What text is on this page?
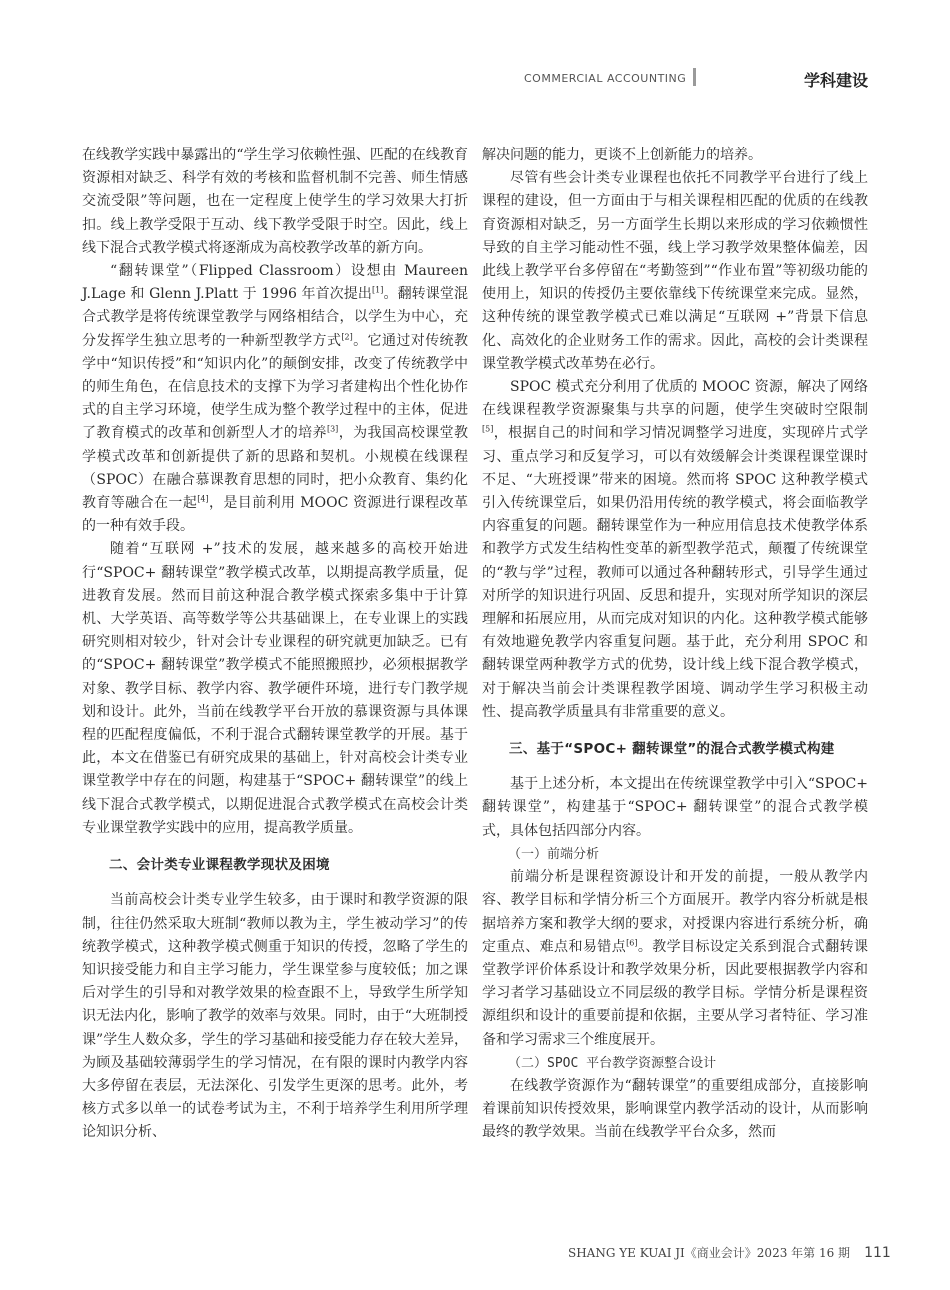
COMMERCIAL ACCOUNTING	学科建设

在线教学实践中暴露出的“学生学习依赖性强、匹配的在线教育资源相对缺乏、科学有效的考核和监督机制不完善、师生情感交流受限”等问题，也在一定程度上使学生的学习效果大打折扣。线上教学受限于互动、线下教学受限于时空。因此，线上线下混合式教学模式将逐渐成为高校教学改革的新方向。

“翻转课堂”（Flipped Classroom）设想由 Maureen J.Lage 和 Glenn J.Platt 于 1996 年首次提出[1]。翻转课堂混合式教学是将传统课堂教学与网络相结合，以学生为中心，充分发挥学生独立思考的一种新型教学方式[2]。它通过对传统教学中“知识传授”和“知识内化”的颠倒安排，改变了传统教学中的师生角色，在信息技术的支撑下为学习者建构出个性化协作式的自主学习环境，使学生成为整个教学过程中的主体，促进了教育模式的改革和创新型人才的培养[3]，为我国高校课堂教学模式改革和创新提供了新的思路和契机。小规模在线课程（SPOC）在融合慕课教育思想的同时，把小众教育、集约化教育等融合在一起[4]，是目前利用 MOOC 资源进行课程改革的一种有效手段。

随着“互联网 +”技术的发展，越来越多的高校开始进行“SPOC+ 翻转课堂”教学模式改革，以期提高教学质量，促进教育发展。然而目前这种混合教学模式探索多集中于计算机、大学英语、高等数学等公共基础课上，在专业课上的实践研究则相对较少，针对会计专业课程的研究就更加缺乏。已有的“SPOC+ 翻转课堂”教学模式不能照搬照抄，必须根据教学对象、教学目标、教学内容、教学硬件环境，进行专门教学规划和设计。此外，当前在线教学平台开放的慕课资源与具体课程的匹配程度偏低，不利于混合式翻转课堂教学的开展。基于此，本文在借鉴已有研究成果的基础上，针对高校会计类专业课堂教学中存在的问题，构建基于“SPOC+ 翻转课堂”的线上线下混合式教学模式，以期促进混合式教学模式在高校会计类专业课堂教学实践中的应用，提高教学质量。

二、会计类专业课程教学现状及困境

当前高校会计类专业学生较多，由于课时和教学资源的限制，往往仍然采取大班制“教师以教为主，学生被动学习”的传统教学模式，这种教学模式侧重于知识的传授，忽略了学生的知识接受能力和自主学习能力，学生课堂参与度较低；加之课后对学生的引导和对教学效果的检查跟不上，导致学生所学知识无法内化，影响了教学的效率与效果。同时，由于“大班制授课”学生人数众多，学生的学习基础和接受能力存在较大差异，为顾及基础较薄弱学生的学习情况，在有限的课时内教学内容大多停留在表层，无法深化、引发学生更深的思考。此外，考核方式多以单一的试卷考试为主，不利于培养学生利用所学理论知识分析、

解决问题的能力，更谈不上创新能力的培养。

尽管有些会计类专业课程也依托不同教学平台进行了线上课程的建设，但一方面由于与相关课程相匹配的优质的在线教育资源相对缺乏，另一方面学生长期以来形成的学习依赖惯性导致的自主学习能动性不强，线上学习教学效果整体偏差，因此线上教学平台多停留在“考勤签到”“作业布置”等初级功能的使用上，知识的传授仍主要依靠线下传统课堂来完成。显然，这种传统的课堂教学模式已难以满足“互联网 +”背景下信息化、高效化的企业财务工作的需求。因此，高校的会计类课程课堂教学模式改革势在必行。

SPOC 模式充分利用了优质的 MOOC 资源，解决了网络在线课程教学资源聚集与共享的问题，使学生突破时空限制[5]，根据自己的时间和学习情况调整学习进度，实现碎片式学习、重点学习和反复学习，可以有效缓解会计类课程课堂课时不足、“大班授课”带来的困境。然而将 SPOC 这种教学模式引入传统课堂后，如果仍沿用传统的教学模式，将会面临教学内容重复的问题。翻转课堂作为一种应用信息技术使教学体系和教学方式发生结构性变革的新型教学范式，颠覆了传统课堂的“教与学”过程，教师可以通过各种翻转形式，引导学生通过对所学的知识进行巩固、反思和提升，实现对所学知识的深层理解和拓展应用，从而完成对知识的内化。这种教学模式能够有效地避免教学内容重复问题。基于此，充分利用 SPOC 和翻转课堂两种教学方式的优势，设计线上线下混合教学模式，对于解决当前会计类课程教学困境、调动学生学习积极主动性、提高教学质量具有非常重要的意义。

三、基于“SPOC+ 翻转课堂”的混合式教学模式构建

基于上述分析，本文提出在传统课堂教学中引入“SPOC+ 翻转课堂”，构建基于“SPOC+ 翻转课堂”的混合式教学模式，具体包括四部分内容。

（一）前端分析

前端分析是课程资源设计和开发的前提，一般从教学内容、教学目标和学情分析三个方面展开。教学内容分析就是根据培养方案和教学大纲的要求，对授课内容进行系统分析，确定重点、难点和易错点[6]。教学目标设定关系到混合式翻转课堂教学评价体系设计和教学效果分析，因此要根据教学内容和学习者学习基础设立不同层级的教学目标。学情分析是课程资源组织和设计的重要前提和依据，主要从学习者特征、学习准备和学习需求三个维度展开。

（二）SPOC 平台教学资源整合设计

在线教学资源作为“翻转课堂”的重要组成部分，直接影响着课前知识传授效果，影响课堂内教学活动的设计，从而影响最终的教学效果。当前在线教学平台众多，然而

SHANG YE KUAI JI《商业会计》2023 年第 16 期 111
